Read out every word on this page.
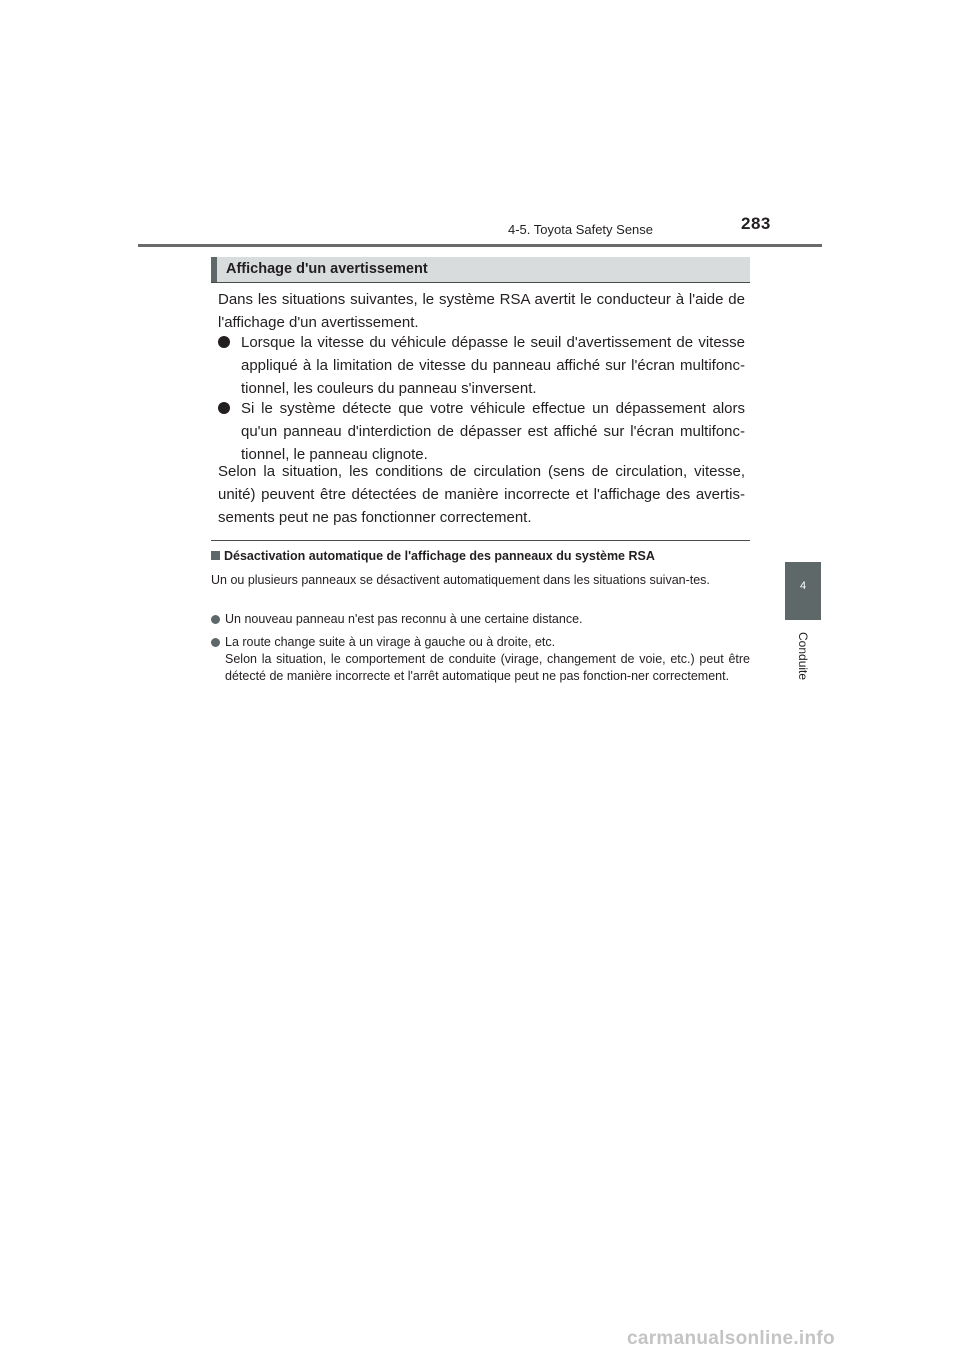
4-5. Toyota Safety Sense	283
4
Conduite
Affichage d'un avertissement
Dans les situations suivantes, le système RSA avertit le conducteur à l'aide de l'affichage d'un avertissement.
Lorsque la vitesse du véhicule dépasse le seuil d'avertissement de vitesse appliqué à la limitation de vitesse du panneau affiché sur l'écran multifonc-tionnel, les couleurs du panneau s'inversent.
Si le système détecte que votre véhicule effectue un dépassement alors qu'un panneau d'interdiction de dépasser est affiché sur l'écran multifonc-tionnel, le panneau clignote.
Selon la situation, les conditions de circulation (sens de circulation, vitesse, unité) peuvent être détectées de manière incorrecte et l'affichage des avertis-sements peut ne pas fonctionner correctement.
Désactivation automatique de l'affichage des panneaux du système RSA
Un ou plusieurs panneaux se désactivent automatiquement dans les situations suivan-tes.
Un nouveau panneau n'est pas reconnu à une certaine distance.
La route change suite à un virage à gauche ou à droite, etc.
Selon la situation, le comportement de conduite (virage, changement de voie, etc.) peut être détecté de manière incorrecte et l'arrêt automatique peut ne pas fonction-ner correctement.
carmanualsonline.info
